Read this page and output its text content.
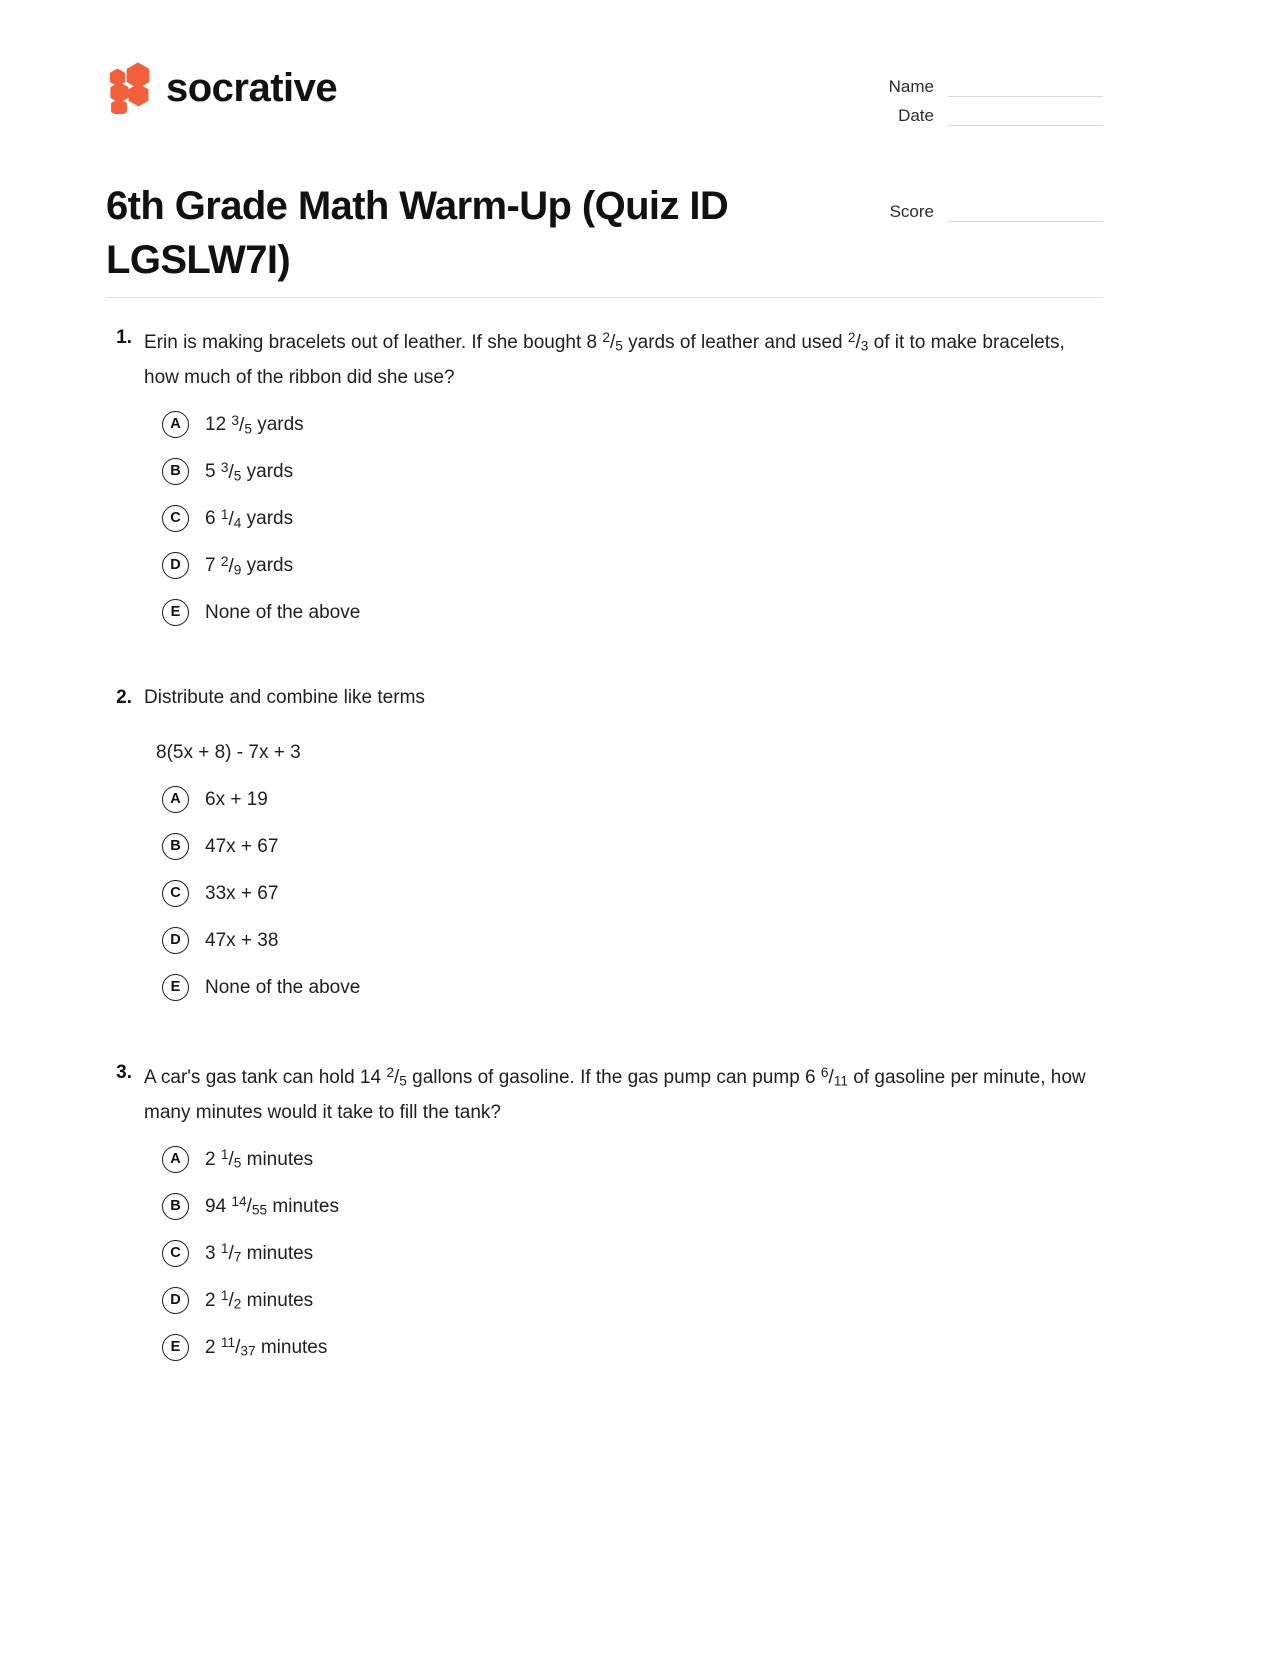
socrative	Name
Date
Score
6th Grade Math Warm-Up (Quiz ID LGSLW7I)
1. Erin is making bracelets out of leather. If she bought 8 $^2$/5 yards of leather and used $^2$/3 of it to make bracelets, how much of the ribbon did she use?
A	12 $^3$/5 yards
B	5 $^3$/5 yards
C	6 $^1$/4 yards
D	7 $^2$/9 yards
E	None of the above
2. Distribute and combine like terms
8(5x + 8) - 7x + 3
A	6x + 19
B	47x + 67
C	33x + 67
D	47x + 38
E	None of the above
3. A car's gas tank can hold 14 $^2$/5 gallons of gasoline. If the gas pump can pump 6 $^6$/11 of gasoline per minute, how many minutes would it take to fill the tank?
A	2 $^1$/5 minutes
B	94 $^{14}$/55 minutes
C	3 $^1$/7 minutes
D	2 $^1$/2 minutes
E	2 $^{11}$/37 minutes
